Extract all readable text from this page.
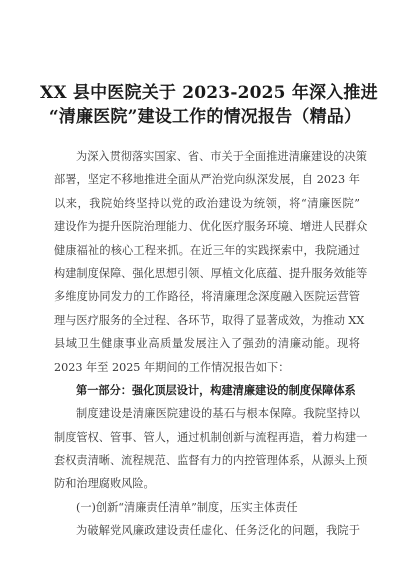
XX 县中医院关于 2023-2025 年深入推进
“清廉医院”建设工作的情况报告（精品）
为深入贯彻落实国家、省、市关于全面推进清廉建设的决策
部署，坚定不移地推进全面从严治党向纵深发展，自 2023 年
以来，我院始终坚持以党的政治建设为统领，将“清廉医院”
建设作为提升医院治理能力、优化医疗服务环境、增进人民群众
健康福祉的核心工程来抓。在近三年的实践探索中，我院通过
构建制度保障、强化思想引领、厚植文化底蕴、提升服务效能等
多维度协同发力的工作路径，将清廉理念深度融入医院运营管
理与医疗服务的全过程、各环节，取得了显著成效，为推动 XX
县域卫生健康事业高质量发展注入了强劲的清廉动能。现将
2023 年至 2025 年期间的工作情况报告如下：
第一部分：强化顶层设计，构建清廉建设的制度保障体系
制度建设是清廉医院建设的基石与根本保障。我院坚持以
制度管权、管事、管人，通过机制创新与流程再造，着力构建一
套权责清晰、流程规范、监督有力的内控管理体系，从源头上预
防和治理腐败风险。
(一)创新“清廉责任清单”制度，压实主体责任
为破解党风廉政建设责任虚化、任务泛化的问题，我院于
